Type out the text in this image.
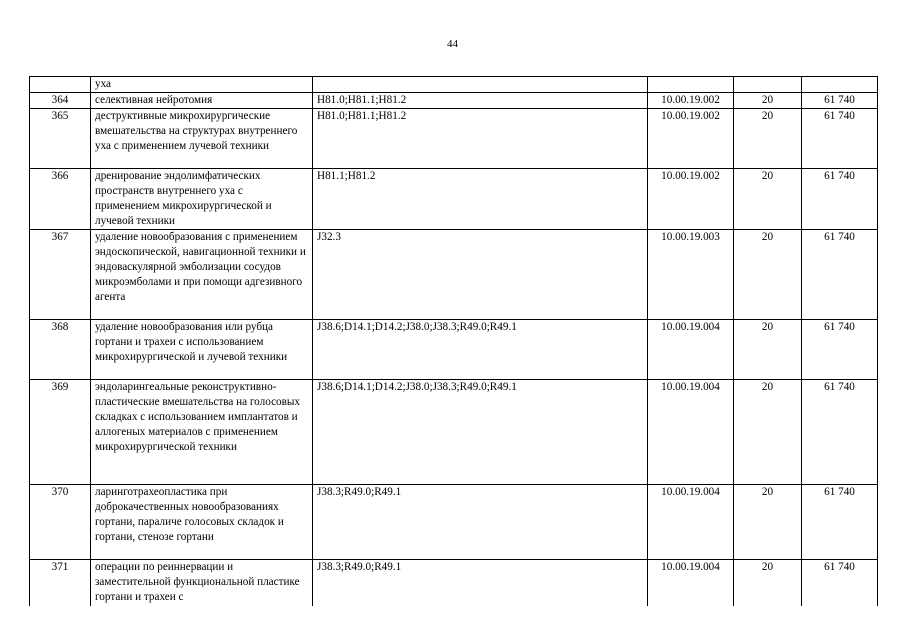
44
	уха				
364	селективная нейротомия	H81.0;H81.1;H81.2	10.00.19.002	20	61 740
365	деструктивные микрохирургические вмешательства на структурах внутреннего уха с применением лучевой техники	H81.0;H81.1;H81.2	10.00.19.002	20	61 740
366	дренирование эндолимфатических пространств внутреннего уха с применением микрохирургической и лучевой техники	H81.1;H81.2	10.00.19.002	20	61 740
367	удаление новообразования с применением эндоскопической, навигационной техники и эндоваскулярной эмболизации сосудов микроэмболами и при помощи адгезивного агента	J32.3	10.00.19.003	20	61 740
368	удаление новообразования или рубца гортани и трахеи с использованием микрохирургической и лучевой техники	J38.6;D14.1;D14.2;J38.0;J38.3;R49.0;R49.1	10.00.19.004	20	61 740
369	эндоларингеальные реконструктивно-пластические вмешательства на голосовых складках с использованием имплантатов и аллогеных материалов с применением микрохирургической техники	J38.6;D14.1;D14.2;J38.0;J38.3;R49.0;R49.1	10.00.19.004	20	61 740
370	ларинготрахеопластика при доброкачественных новообразованиях гортани, параличе голосовых складок и гортани, стенозе гортани	J38.3;R49.0;R49.1	10.00.19.004	20	61 740
371	операции по реиннервации и заместительной функциональной пластике гортани и трахеи с	J38.3;R49.0;R49.1	10.00.19.004	20	61 740
